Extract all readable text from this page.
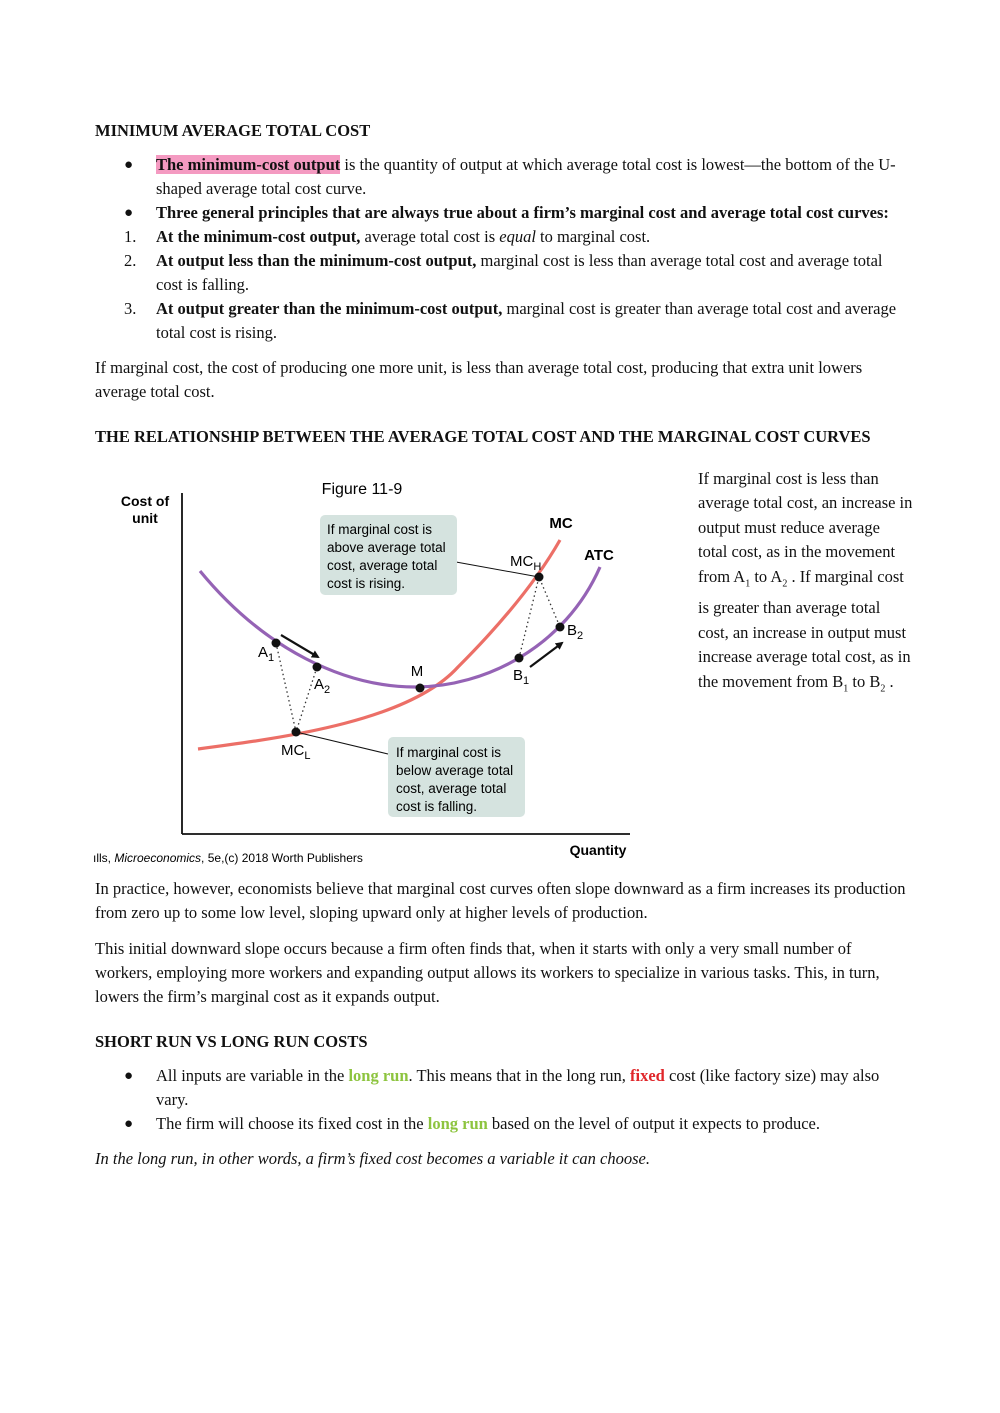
MINIMUM AVERAGE TOTAL COST
●	The minimum-cost output is the quantity of output at which average total cost is lowest—the bottom of the U-shaped average total cost curve.
●	Three general principles that are always true about a firm’s marginal cost and average total cost curves:
1.	At the minimum-cost output, average total cost is equal to marginal cost.
2.	At output less than the minimum-cost output, marginal cost is less than average total cost and average total cost is falling.
3.	At output greater than the minimum-cost output, marginal cost is greater than average total cost and average total cost is rising.

If marginal cost, the cost of producing one more unit, is less than average total cost, producing that extra unit lowers average total cost.

THE RELATIONSHIP BETWEEN THE AVERAGE TOTAL COST AND THE MARGINAL COST CURVES
Cost of
unit
Quantity
Figure 11-9
MC
ATC
$MC_H$
$MC_L$
M
$A_1$
$A_2$
$B_1$
$B_2$
If marginal cost is above average total cost, average total cost is rising.
If marginal cost is below average total cost, average total cost is falling.
ılls, Microeconomics, 5e,(c) 2018 Worth Publishers
If marginal cost is less than average total cost, an increase in output must reduce average total cost, as in the movement from $A_1$ to $A_2$ . If marginal cost is greater than average total cost, an increase in output must increase average total cost, as in the movement from $B_1$ to $B_2$ .

In practice, however, economists believe that marginal cost curves often slope downward as a firm increases its production from zero up to some low level, sloping upward only at higher levels of production.

This initial downward slope occurs because a firm often finds that, when it starts with only a very small number of workers, employing more workers and expanding output allows its workers to specialize in various tasks. This, in turn, lowers the firm’s marginal cost as it expands output.

SHORT RUN VS LONG RUN COSTS
●	All inputs are variable in the long run. This means that in the long run, fixed cost (like factory size) may also vary.
●	The firm will choose its fixed cost in the long run based on the level of output it expects to produce.

In the long run, in other words, a firm’s fixed cost becomes a variable it can choose.
